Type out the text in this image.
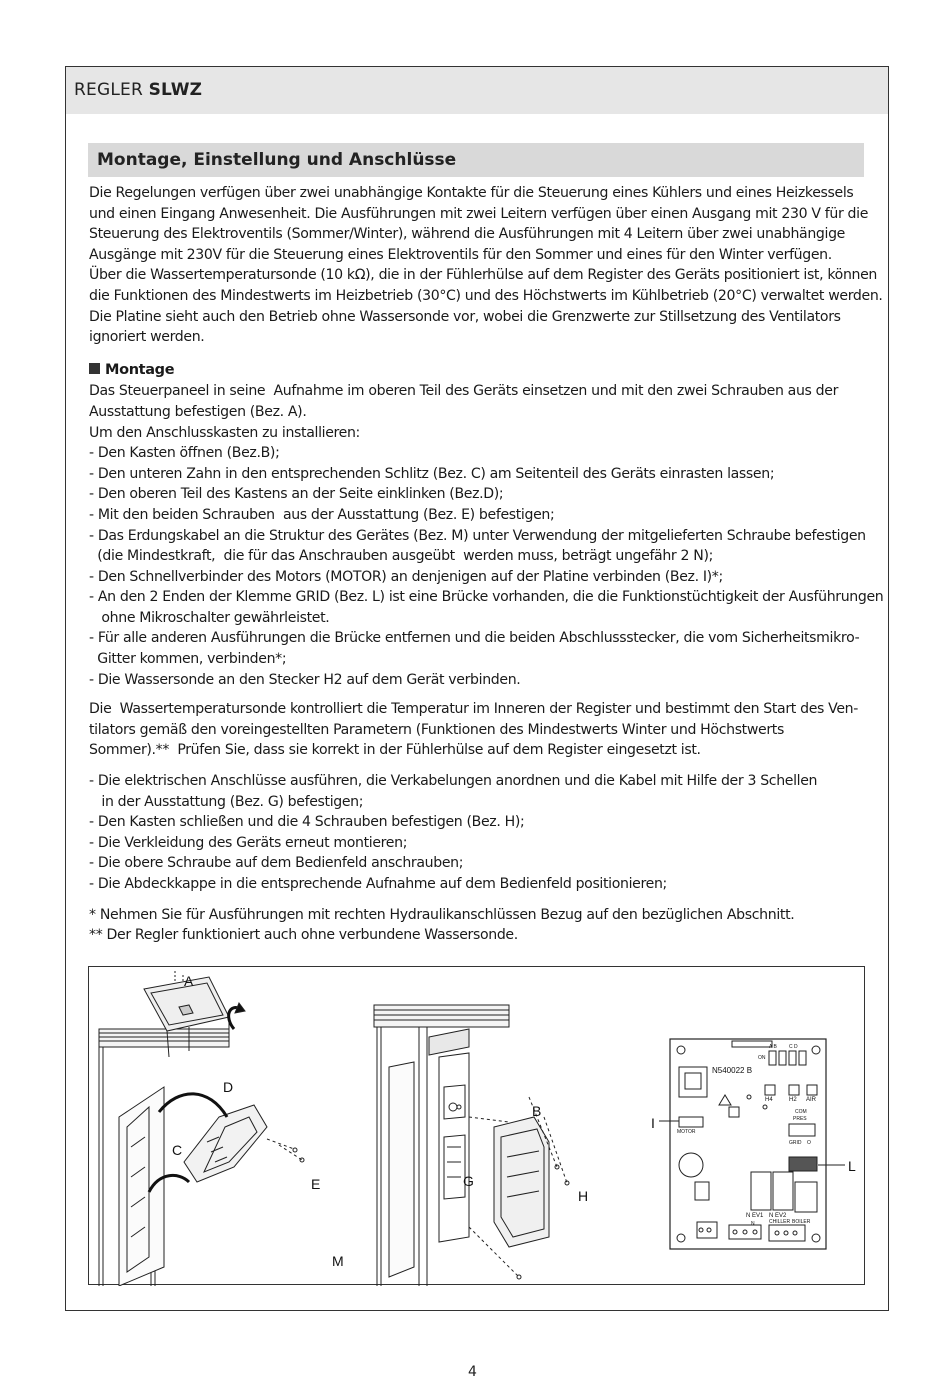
REGLER SLWZ
Montage, Einstellung und Anschlüsse
Die Regelungen verfügen über zwei unabhängige Kontakte für die Steuerung eines Kühlers und eines Heizkessels
und einen Eingang Anwesenheit. Die Ausführungen mit zwei Leitern verfügen über einen Ausgang mit 230 V für die
Steuerung des Elektroventils (Sommer/Winter), während die Ausführungen mit 4 Leitern über zwei unabhängige
Ausgänge mit 230V für die Steuerung eines Elektroventils für den Sommer und eines für den Winter verfügen.
Über die Wassertemperatursonde (10 kΩ), die in der Fühlerhülse auf dem Register des Geräts positioniert ist, können
die Funktionen des Mindestwerts im Heizbetrieb (30°C) und des Höchstwerts im Kühlbetrieb (20°C) verwaltet werden.
Die Platine sieht auch den Betrieb ohne Wassersonde vor, wobei die Grenzwerte zur Stillsetzung des Ventilators
ignoriert werden.
Montage
Das Steuerpaneel in seine  Aufnahme im oberen Teil des Geräts einsetzen und mit den zwei Schrauben aus der
Ausstattung befestigen (Bez. A).
Um den Anschlusskasten zu installieren:
- Den Kasten öffnen (Bez.B);
- Den unteren Zahn in den entsprechenden Schlitz (Bez. C) am Seitenteil des Geräts einrasten lassen;
- Den oberen Teil des Kastens an der Seite einklinken (Bez.D);
- Mit den beiden Schrauben  aus der Ausstattung (Bez. E) befestigen;
- Das Erdungskabel an die Struktur des Gerätes (Bez. M) unter Verwendung der mitgelieferten Schraube befestigen
(die Mindestkraft,  die für das Anschrauben ausgeübt  werden muss, beträgt ungefähr 2 N);
- Den Schnellverbinder des Motors (MOTOR) an denjenigen auf der Platine verbinden (Bez. I)*;
- An den 2 Enden der Klemme GRID (Bez. L) ist eine Brücke vorhanden, die die Funktionstüchtigkeit der Ausführungen
ohne Mikroschalter gewährleistet.
- Für alle anderen Ausführungen die Brücke entfernen und die beiden Abschlussstecker, die vom Sicherheitsmikro-
Gitter kommen, verbinden*;
- Die Wassersonde an den Stecker H2 auf dem Gerät verbinden.
Die  Wassertemperatursonde kontrolliert die Temperatur im Inneren der Register und bestimmt den Start des Ven-
tilators gemäß den voreingestellten Parametern (Funktionen des Mindestwerts Winter und Höchstwerts
Sommer).**  Prüfen Sie, dass sie korrekt in der Fühlerhülse auf dem Register eingesetzt ist.
- Die elektrischen Anschlüsse ausführen, die Verkabelungen anordnen und die Kabel mit Hilfe der 3 Schellen
in der Ausstattung (Bez. G) befestigen;
- Den Kasten schließen und die 4 Schrauben befestigen (Bez. H);
- Die Verkleidung des Geräts erneut montieren;
- Die obere Schraube auf dem Bedienfeld anschrauben;
- Die Abdeckkappe in die entsprechende Aufnahme auf dem Bedienfeld positionieren;
* Nehmen Sie für Ausführungen mit rechten Hydraulikanschlüssen Bezug auf den bezüglichen Abschnitt.
** Der Regler funktioniert auch ohne verbundene Wassersonde.
A
D
C
E
M
B
G
H
I
L
N540022 B
H4	H2 AIR
A B C D
ON
COM
PRES
MOTOR
GRID O
N EV1 N EV2
CHILLER BOILER
N
4
